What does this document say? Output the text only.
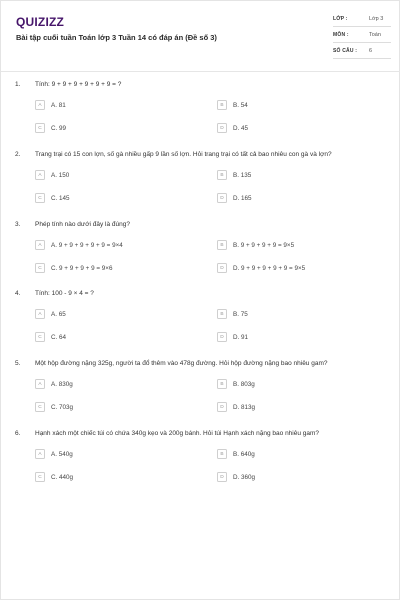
QUIZIZZ
Bài tập cuối tuần Toán lớp 3 Tuần 14 có đáp án (Đề số 3)
LỚP :	Lớp 3
MÔN :	Toán
SỐ CÂU : 6
1.	Tính: 9 + 9 + 9 + 9 + 9 + 9 = ?
A	A. 81	B	B. 54
C	C. 99	D	D. 45
2.	Trang trại có 15 con lợn, số gà nhiều gấp 9 lần số lợn. Hỏi trang trại có tất cả bao nhiêu con gà và lợn?
A	A. 150	B	B. 135
C	C. 145	D	D. 165
3.	Phép tính nào dưới đây là đúng?
A	A. 9 + 9 + 9 + 9 + 9 = 9×4	B	B. 9 + 9 + 9 + 9 = 9×5
C	C. 9 + 9 + 9 + 9 = 9×6	D	D. 9 + 9 + 9 + 9 + 9 = 9×5
4.	Tính: 100 - 9 × 4 = ?
A	A. 65	B	B. 75
C	C. 64	D	D. 91
5.	Một hộp đường nặng 325g, người ta đổ thêm vào 478g đường. Hỏi hộp đường nặng bao nhiêu gam?
A	A. 830g	B	B. 803g
C	C. 703g	D	D. 813g
6.	Hạnh xách một chiếc túi có chứa 340g kẹo và 200g bánh. Hỏi túi Hạnh xách nặng bao nhiêu gam?
A	A. 540g	B	B. 640g
C	C. 440g	D	D. 360g
